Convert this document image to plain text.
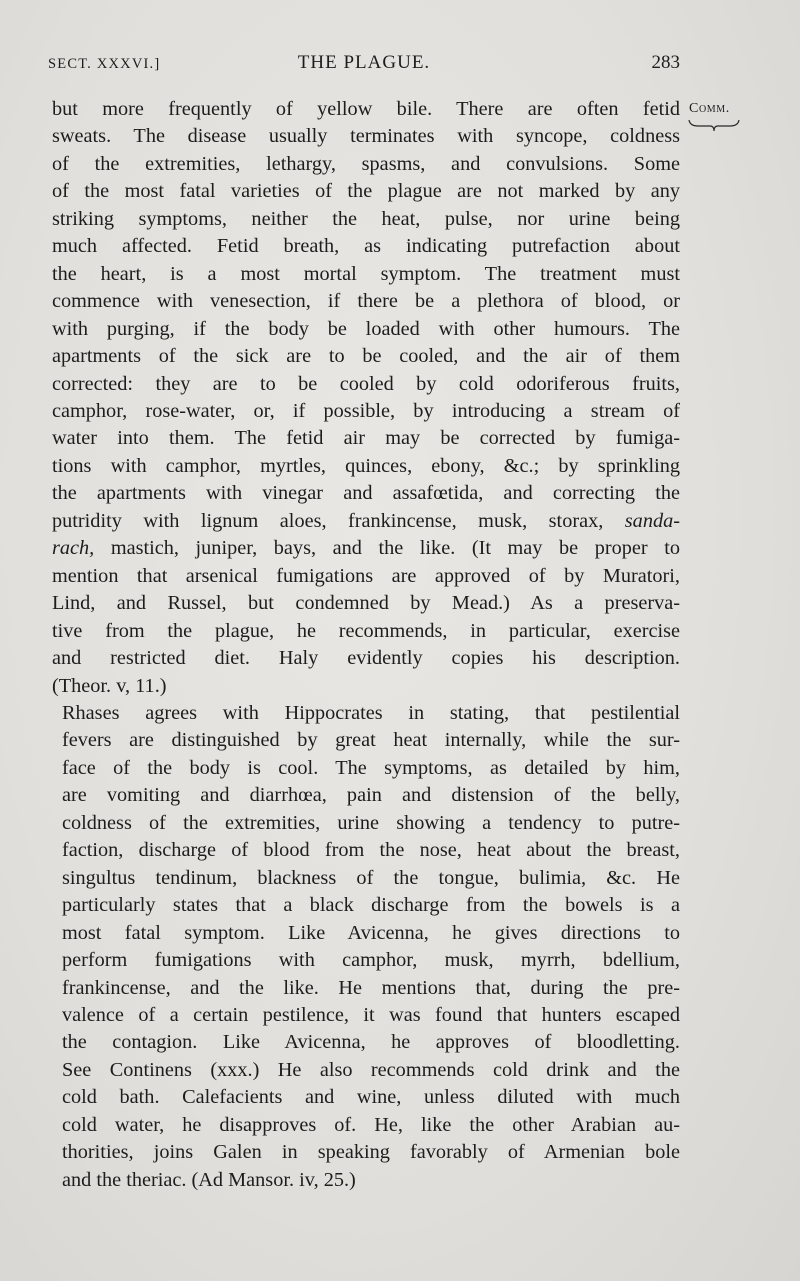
SECT. XXXVI.]	THE PLAGUE.	283
Comm.

but more frequently of yellow bile. There are often fetid
sweats. The disease usually terminates with syncope, coldness
of the extremities, lethargy, spasms, and convulsions. Some
of the most fatal varieties of the plague are not marked by any
striking symptoms, neither the heat, pulse, nor urine being
much affected. Fetid breath, as indicating putrefaction about
the heart, is a most mortal symptom. The treatment must
commence with venesection, if there be a plethora of blood, or
with purging, if the body be loaded with other humours. The
apartments of the sick are to be cooled, and the air of them
corrected: they are to be cooled by cold odoriferous fruits,
camphor, rose-water, or, if possible, by introducing a stream of
water into them. The fetid air may be corrected by fumiga-
tions with camphor, myrtles, quinces, ebony, &c.; by sprinkling
the apartments with vinegar and assafœtida, and correcting the
putridity with lignum aloes, frankincense, musk, storax, sanda-
rach, mastich, juniper, bays, and the like. (It may be proper to
mention that arsenical fumigations are approved of by Muratori,
Lind, and Russel, but condemned by Mead.) As a preserva-
tive from the plague, he recommends, in particular, exercise
and restricted diet. Haly evidently copies his description.
(Theor. v, 11.)

Rhases agrees with Hippocrates in stating, that pestilential
fevers are distinguished by great heat internally, while the sur-
face of the body is cool. The symptoms, as detailed by him,
are vomiting and diarrhœa, pain and distension of the belly,
coldness of the extremities, urine showing a tendency to putre-
faction, discharge of blood from the nose, heat about the breast,
singultus tendinum, blackness of the tongue, bulimia, &c. He
particularly states that a black discharge from the bowels is a
most fatal symptom. Like Avicenna, he gives directions to
perform fumigations with camphor, musk, myrrh, bdellium,
frankincense, and the like. He mentions that, during the pre-
valence of a certain pestilence, it was found that hunters escaped
the contagion. Like Avicenna, he approves of bloodletting.
See Continens (xxx.) He also recommends cold drink and the
cold bath. Calefacients and wine, unless diluted with much
cold water, he disapproves of. He, like the other Arabian au-
thorities, joins Galen in speaking favorably of Armenian bole
and the theriac. (Ad Mansor. iv, 25.)
